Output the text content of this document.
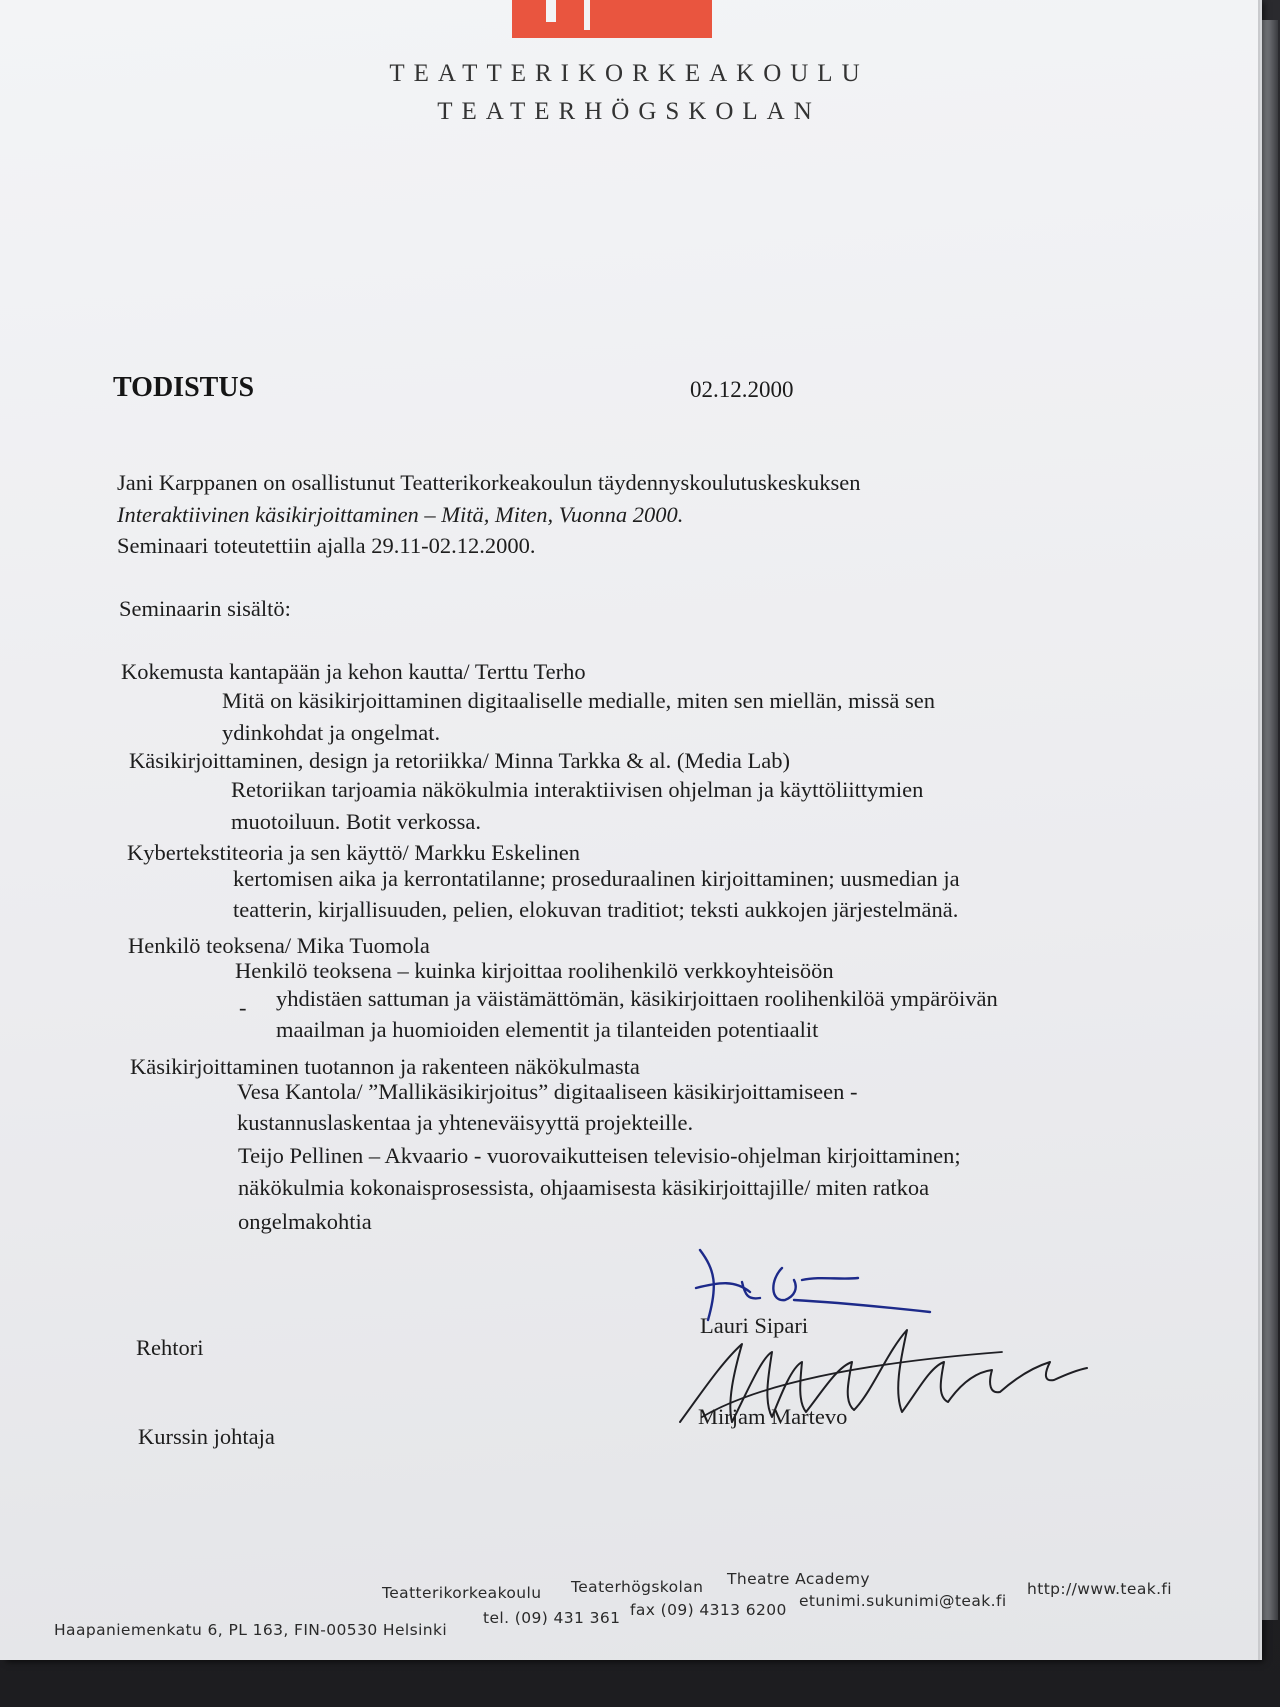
TEATTERIKORKEAKOULU
TEATERHÖGSKOLAN
TODISTUS	02.12.2000
Jani Karppanen on osallistunut Teatterikorkeakoulun täydennyskoulutuskeskuksen
Interaktiivinen käsikirjoittaminen – Mitä, Miten, Vuonna 2000.
Seminaari toteutettiin ajalla 29.11-02.12.2000.
Seminaarin sisältö:
Kokemusta kantapään ja kehon kautta/ Terttu Terho
Mitä on käsikirjoittaminen digitaaliselle medialle, miten sen miellän, missä sen
ydinkohdat ja ongelmat.
Käsikirjoittaminen, design ja retoriikka/ Minna Tarkka & al. (Media Lab)
Retoriikan tarjoamia näkökulmia interaktiivisen ohjelman ja käyttöliittymien
muotoiluun. Botit verkossa.
Kybertekstiteoria ja sen käyttö/ Markku Eskelinen
kertomisen aika ja kerrontatilanne; proseduraalinen kirjoittaminen; uusmedian ja
teatterin, kirjallisuuden, pelien, elokuvan traditiot; teksti aukkojen järjestelmänä.
Henkilö teoksena/ Mika Tuomola
Henkilö teoksena – kuinka kirjoittaa roolihenkilö verkkoyhteisöön
- yhdistäen sattuman ja väistämättömän, käsikirjoittaen roolihenkilöä ympäröivän
maailman ja huomioiden elementit ja tilanteiden potentiaalit
Käsikirjoittaminen tuotannon ja rakenteen näkökulmasta
Vesa Kantola/ ”Mallikäsikirjoitus” digitaaliseen käsikirjoittamiseen -
kustannuslaskentaa ja yhteneväisyyttä projekteille.
Teijo Pellinen – Akvaario - vuorovaikutteisen televisio-ohjelman kirjoittaminen;
näkökulmia kokonaisprosessista, ohjaamisesta käsikirjoittajille/ miten ratkoa
ongelmakohtia
Lauri Sipari
Rehtori
Mirjam Martevo
Kurssin johtaja
Teatterikorkeakoulu Teaterhögskolan Theatre Academy
Haapaniemenkatu 6, PL 163, FIN-00530 Helsinki
tel. (09) 431 361 fax (09) 4313 6200 etunimi.sukunimi@teak.fi
http://www.teak.fi
